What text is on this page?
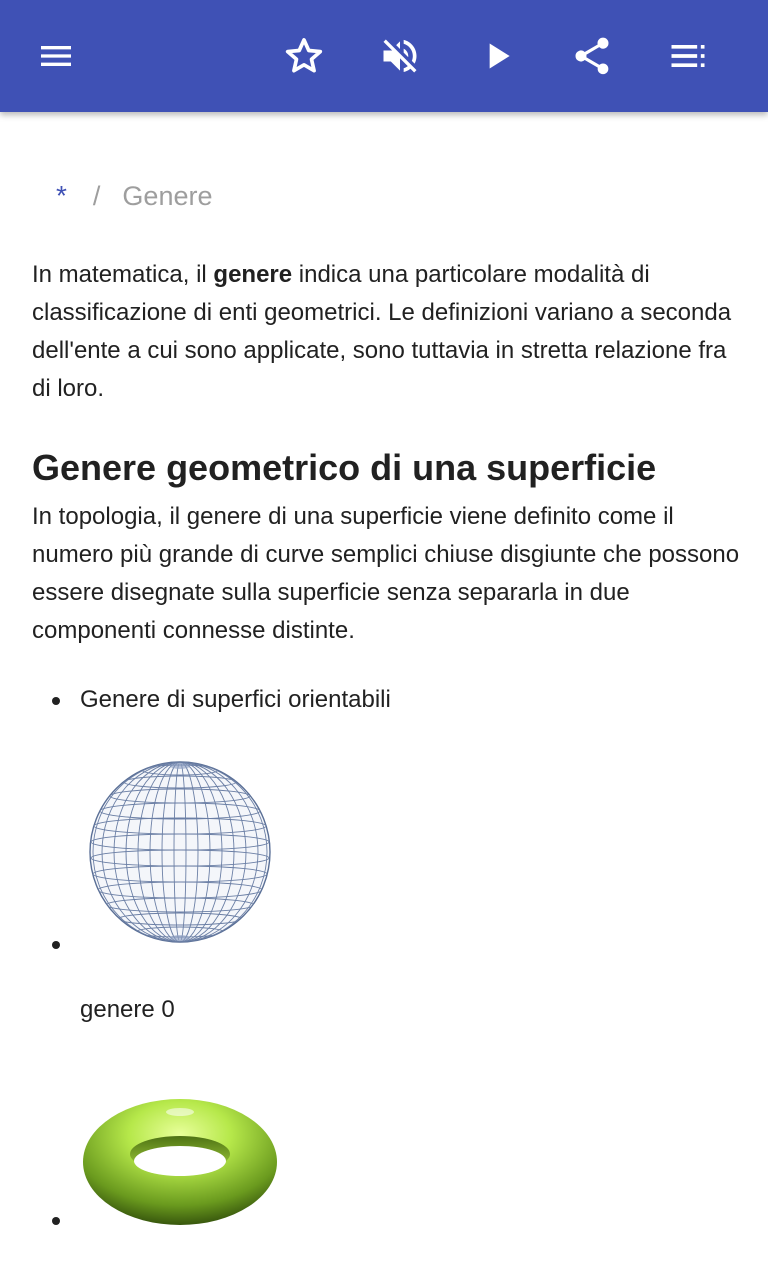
* / Genere

In matematica, il genere indica una particolare modalità di classificazione di enti geometrici. Le definizioni variano a seconda dell'ente a cui sono applicate, sono tuttavia in stretta relazione fra di loro.

Genere geometrico di una superficie

In topologia, il genere di una superficie viene definito come il numero più grande di curve semplici chiuse disgiunte che possono essere disegnate sulla superficie senza separarla in due componenti connesse distinte.

Genere di superfici orientabili
genere 0
